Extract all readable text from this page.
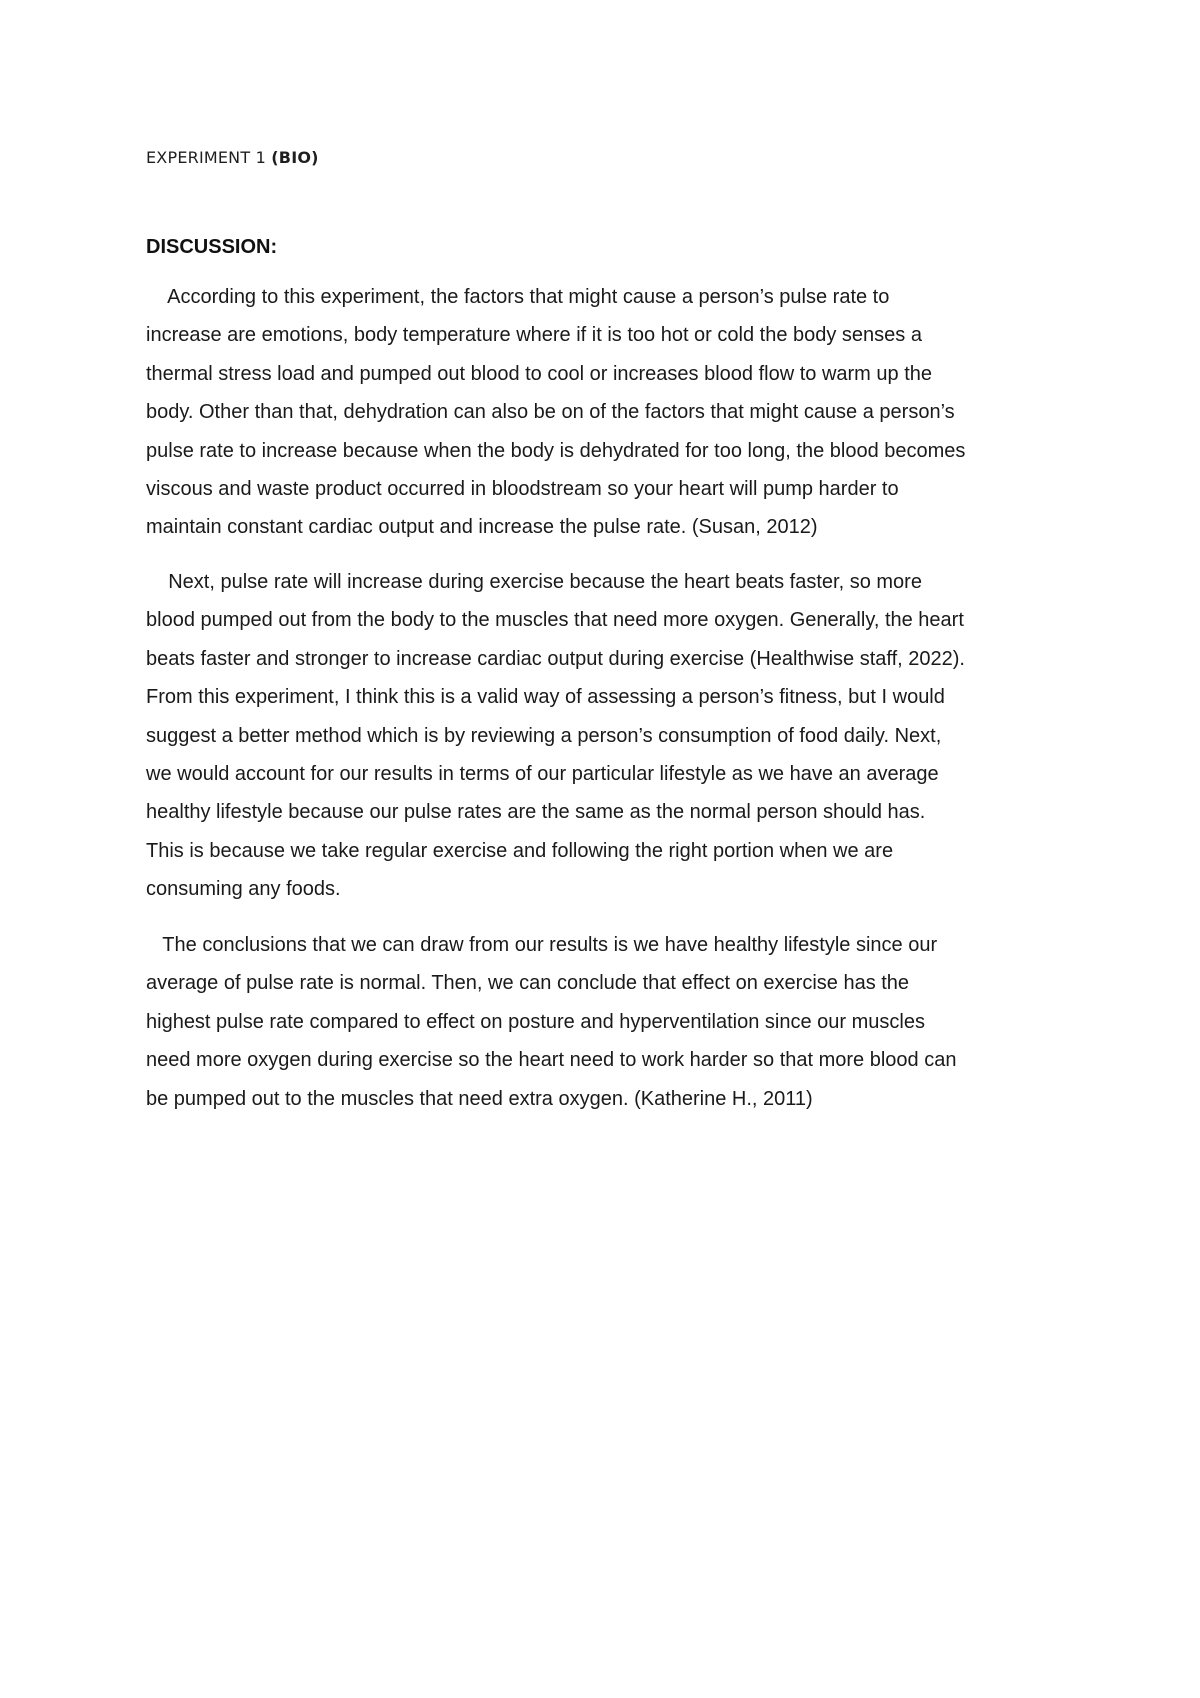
EXPERIMENT 1 (BIO)
DISCUSSION:
According to this experiment, the factors that might cause a person’s pulse rate to
increase are emotions, body temperature where if it is too hot or cold the body senses a
thermal stress load and pumped out blood to cool or increases blood flow to warm up the
body. Other than that, dehydration can also be on of the factors that might cause a person’s
pulse rate to increase because when the body is dehydrated for too long, the blood becomes
viscous and waste product occurred in bloodstream so your heart will pump harder to
maintain constant cardiac output and increase the pulse rate. (Susan, 2012)
Next, pulse rate will increase during exercise because the heart beats faster, so more
blood pumped out from the body to the muscles that need more oxygen. Generally, the heart
beats faster and stronger to increase cardiac output during exercise (Healthwise staff, 2022).
From this experiment, I think this is a valid way of assessing a person’s fitness, but I would
suggest a better method which is by reviewing a person’s consumption of food daily. Next,
we would account for our results in terms of our particular lifestyle as we have an average
healthy lifestyle because our pulse rates are the same as the normal person should has.
This is because we take regular exercise and following the right portion when we are
consuming any foods.
The conclusions that we can draw from our results is we have healthy lifestyle since our
average of pulse rate is normal. Then, we can conclude that effect on exercise has the
highest pulse rate compared to effect on posture and hyperventilation since our muscles
need more oxygen during exercise so the heart need to work harder so that more blood can
be pumped out to the muscles that need extra oxygen. (Katherine H., 2011)
